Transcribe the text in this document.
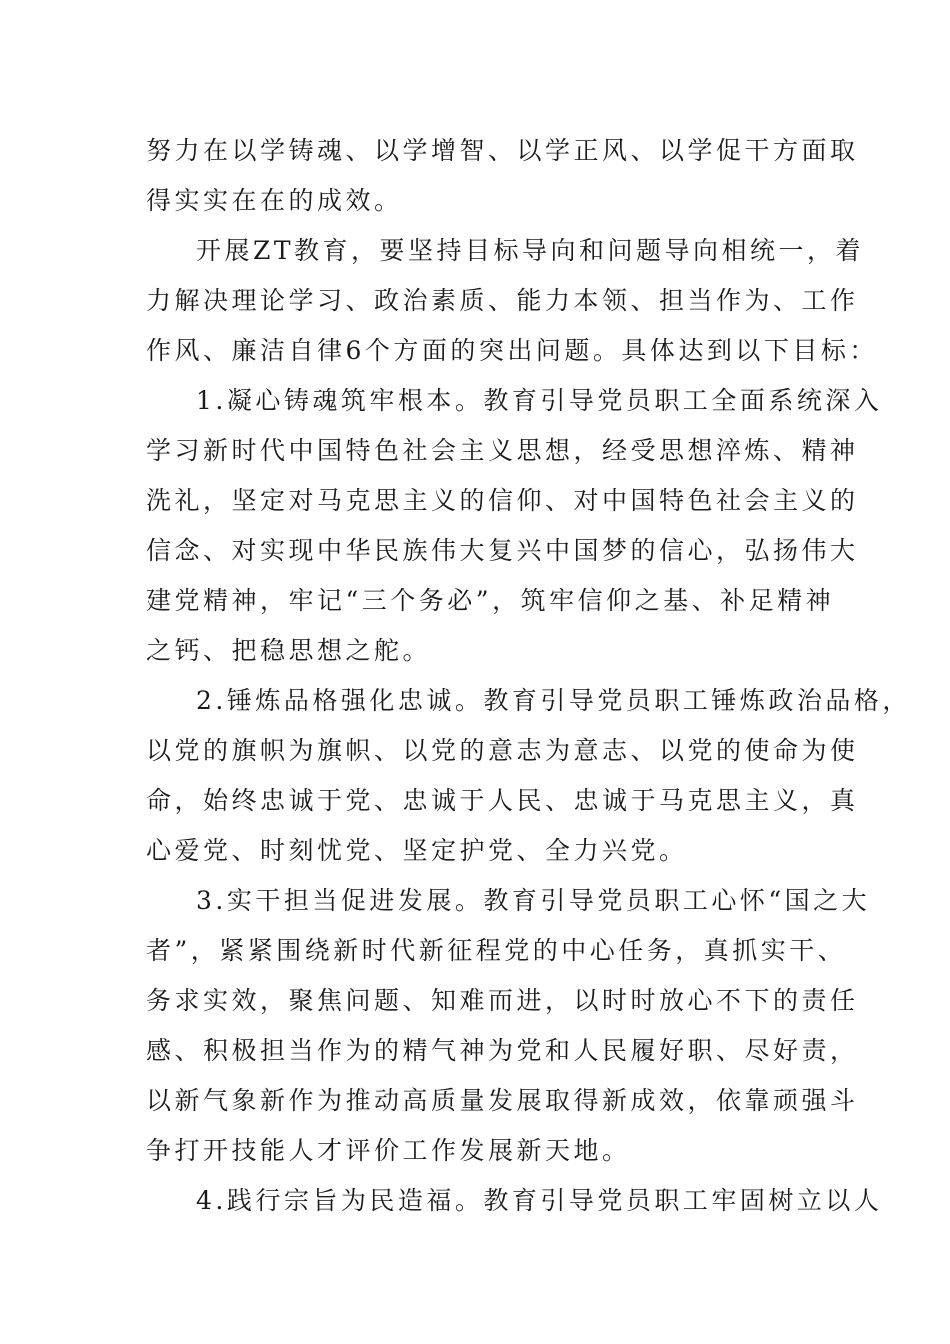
努力在以学铸魂、以学增智、以学正风、以学促干方面取
得实实在在的成效。
开展ZT教育，要坚持目标导向和问题导向相统一，着
力解决理论学习、政治素质、能力本领、担当作为、工作
作风、廉洁自律6个方面的突出问题。具体达到以下目标：
1.凝心铸魂筑牢根本。教育引导党员职工全面系统深入
学习新时代中国特色社会主义思想，经受思想淬炼、精神
洗礼，坚定对马克思主义的信仰、对中国特色社会主义的
信念、对实现中华民族伟大复兴中国梦的信心，弘扬伟大
建党精神，牢记“三个务必”，筑牢信仰之基、补足精神
之钙、把稳思想之舵。
2.锤炼品格强化忠诚。教育引导党员职工锤炼政治品格，
以党的旗帜为旗帜、以党的意志为意志、以党的使命为使
命，始终忠诚于党、忠诚于人民、忠诚于马克思主义，真
心爱党、时刻忧党、坚定护党、全力兴党。
3.实干担当促进发展。教育引导党员职工心怀“国之大
者”，紧紧围绕新时代新征程党的中心任务，真抓实干、
务求实效，聚焦问题、知难而进，以时时放心不下的责任
感、积极担当作为的精气神为党和人民履好职、尽好责，
以新气象新作为推动高质量发展取得新成效，依靠顽强斗
争打开技能人才评价工作发展新天地。
4.践行宗旨为民造福。教育引导党员职工牢固树立以人
